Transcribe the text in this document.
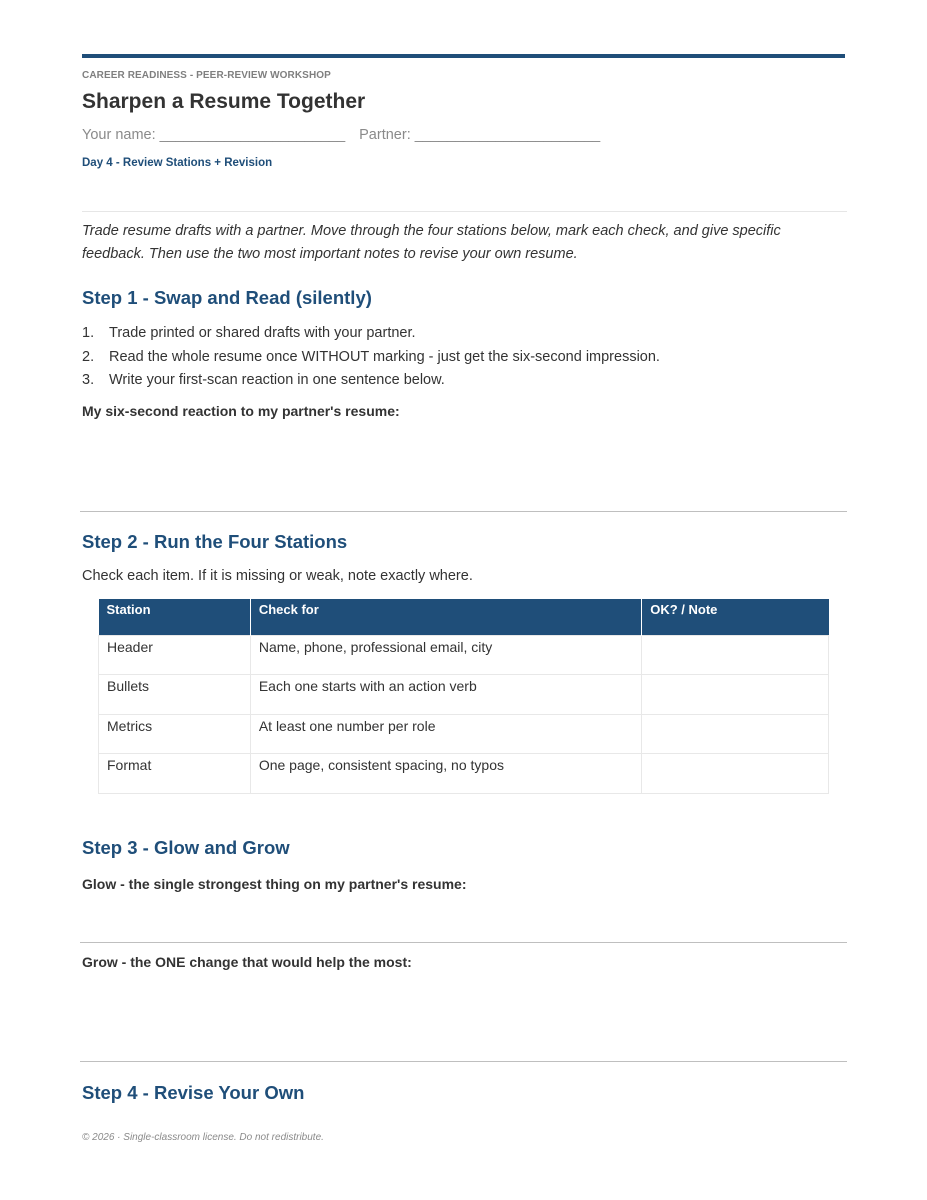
CAREER READINESS - PEER-REVIEW WORKSHOP
Sharpen a Resume Together
Your name: _______________________ Partner: _______________________
Day 4 - Review Stations + Revision
Trade resume drafts with a partner. Move through the four stations below, mark each check, and give specific feedback. Then use the two most important notes to revise your own resume.
Step 1 - Swap and Read (silently)
1. Trade printed or shared drafts with your partner.
2. Read the whole resume once WITHOUT marking - just get the six-second impression.
3. Write your first-scan reaction in one sentence below.
My six-second reaction to my partner's resume:
Step 2 - Run the Four Stations
Check each item. If it is missing or weak, note exactly where.
Station	Check for	OK? / Note
Header	Name, phone, professional email, city	
Bullets	Each one starts with an action verb	
Metrics	At least one number per role	
Format	One page, consistent spacing, no typos	
Step 3 - Glow and Grow
Glow - the single strongest thing on my partner's resume:
Grow - the ONE change that would help the most:
Step 4 - Revise Your Own
© 2026 · Single-classroom license. Do not redistribute.
